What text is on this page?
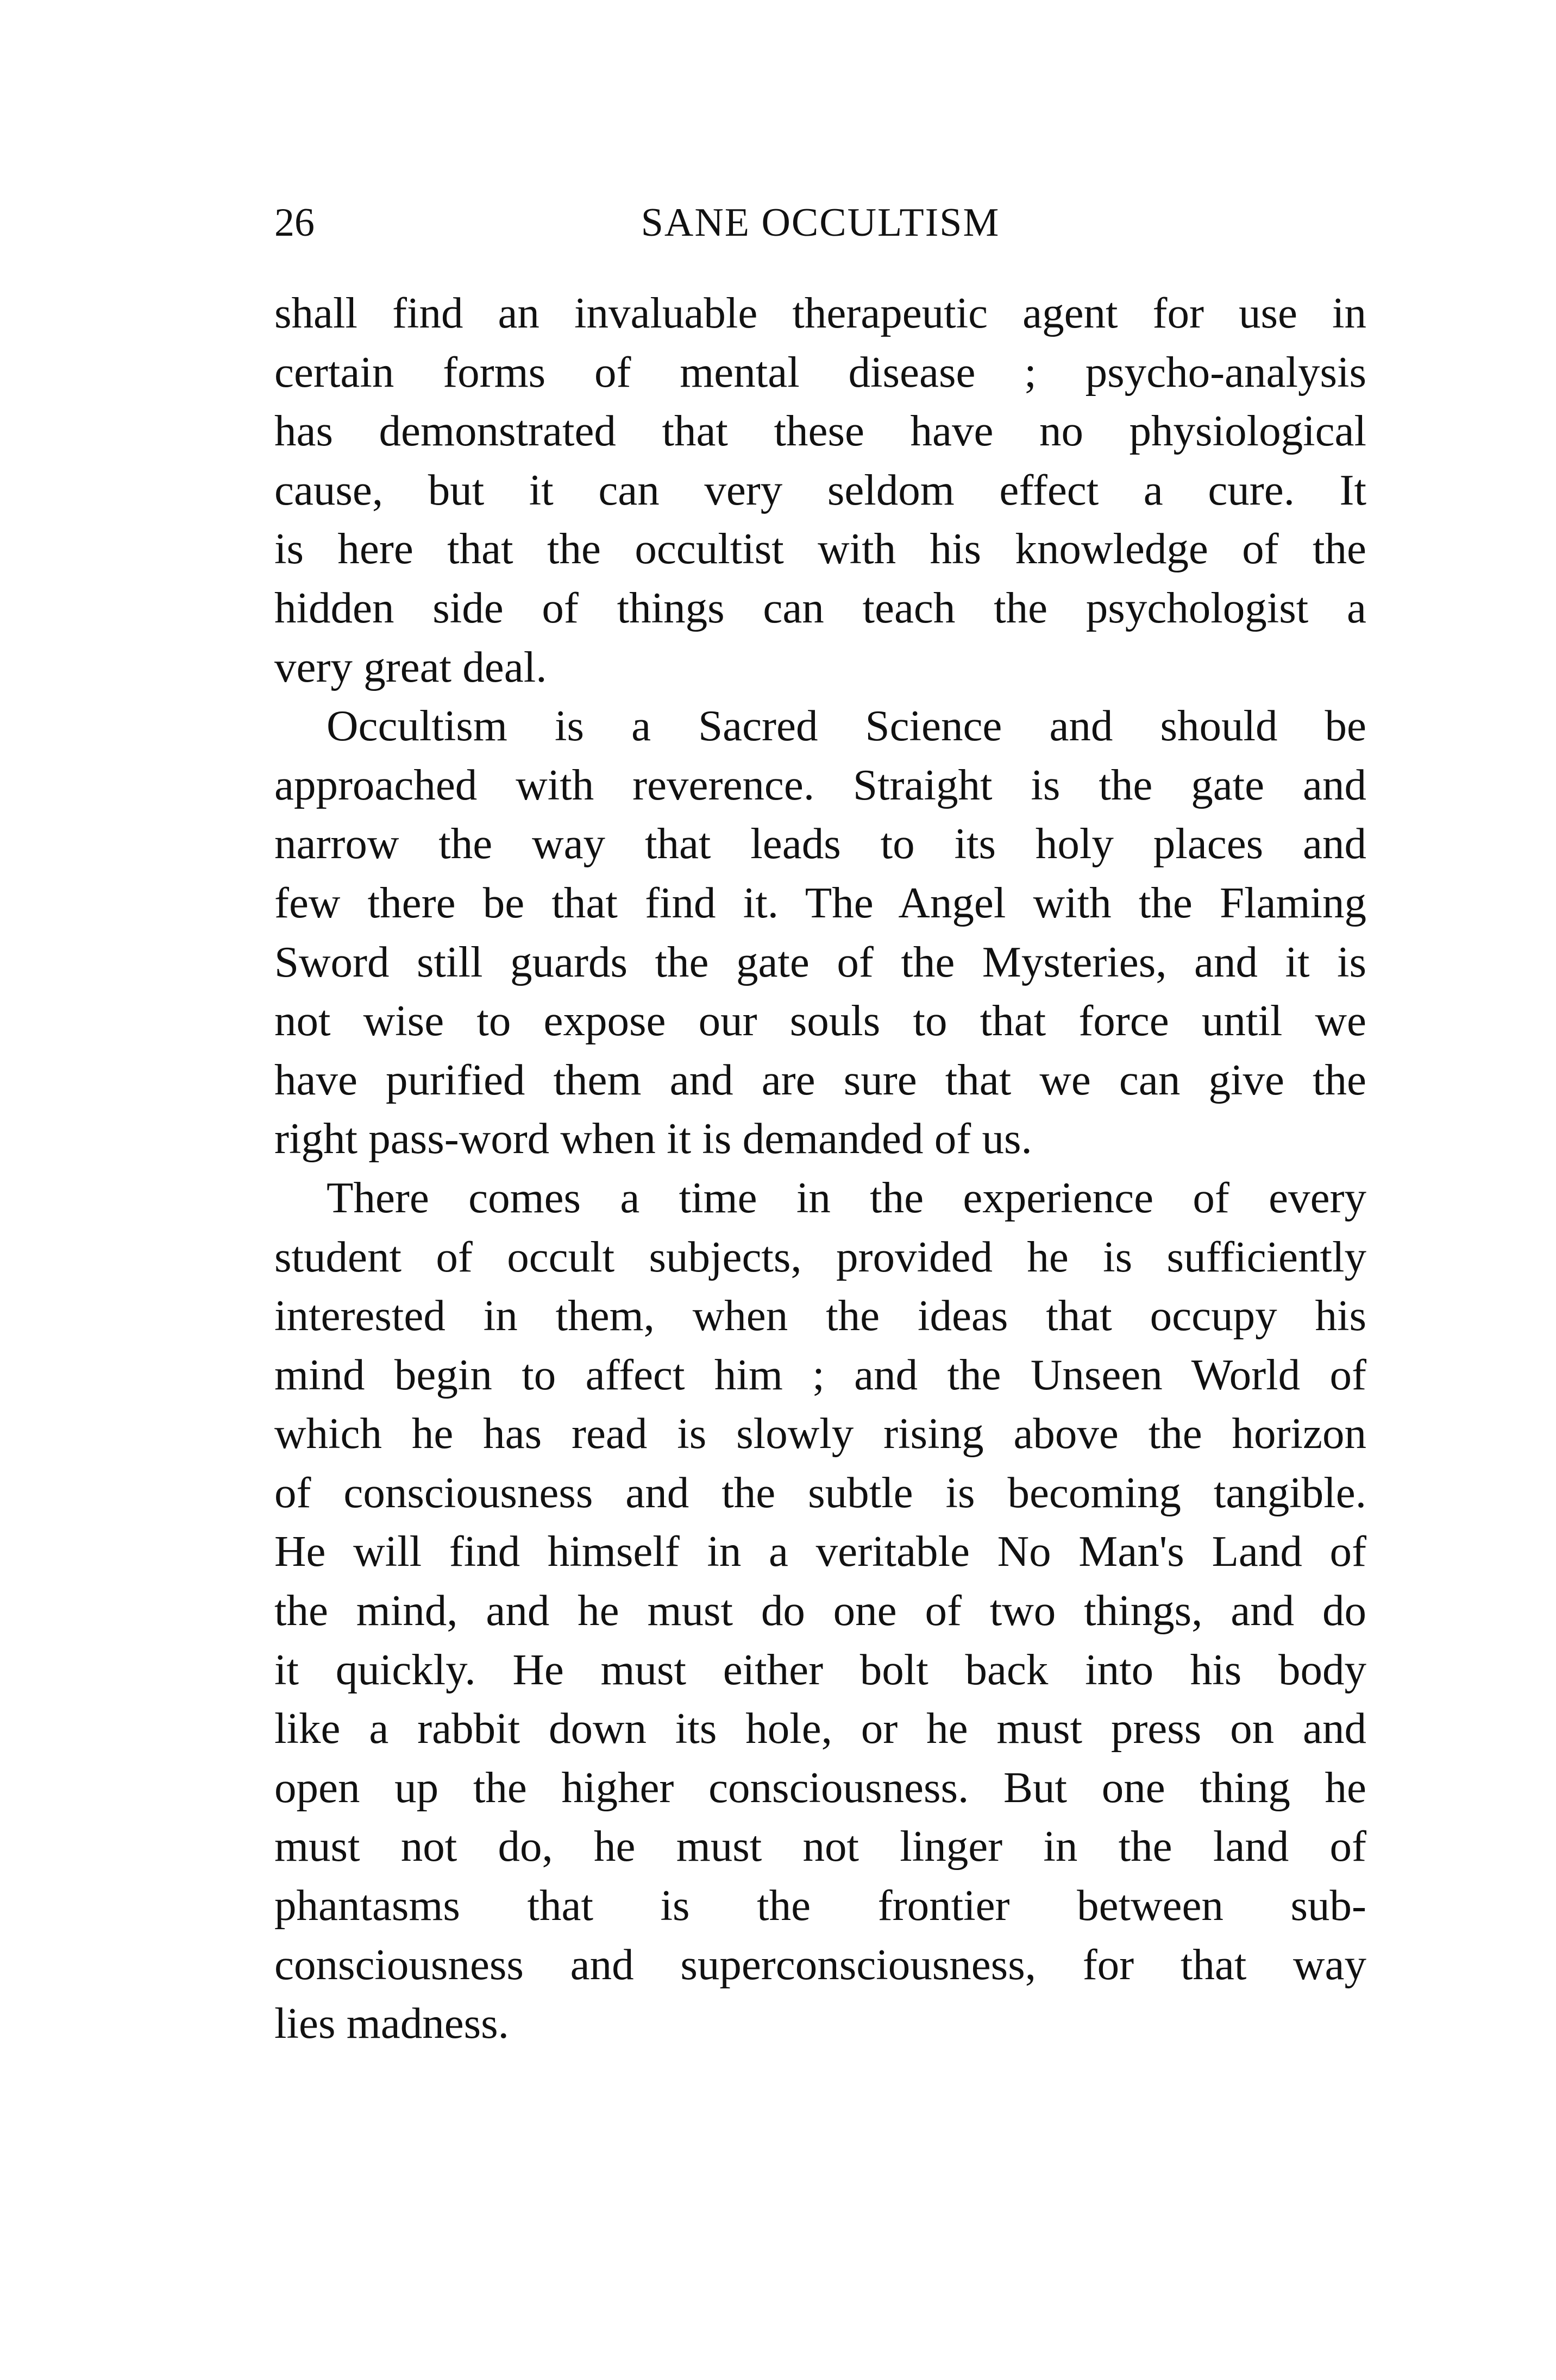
26	SANE OCCULTISM
shall find an invaluable therapeutic agent for use in
certain forms of mental disease ; psycho-analysis
has demonstrated that these have no physiological
cause, but it can very seldom effect a cure. It
is here that the occultist with his knowledge of the
hidden side of things can teach the psychologist a
very great deal.
Occultism is a Sacred Science and should be
approached with reverence. Straight is the gate and
narrow the way that leads to its holy places and
few there be that find it. The Angel with the Flaming
Sword still guards the gate of the Mysteries, and it is
not wise to expose our souls to that force until we
have purified them and are sure that we can give the
right pass-word when it is demanded of us.
There comes a time in the experience of every
student of occult subjects, provided he is sufficiently
interested in them, when the ideas that occupy his
mind begin to affect him ; and the Unseen World of
which he has read is slowly rising above the horizon
of consciousness and the subtle is becoming tangible.
He will find himself in a veritable No Man's Land of
the mind, and he must do one of two things, and do
it quickly. He must either bolt back into his body
like a rabbit down its hole, or he must press on and
open up the higher consciousness. But one thing he
must not do, he must not linger in the land of
phantasms that is the frontier between sub-
consciousness and superconsciousness, for that way
lies madness.
